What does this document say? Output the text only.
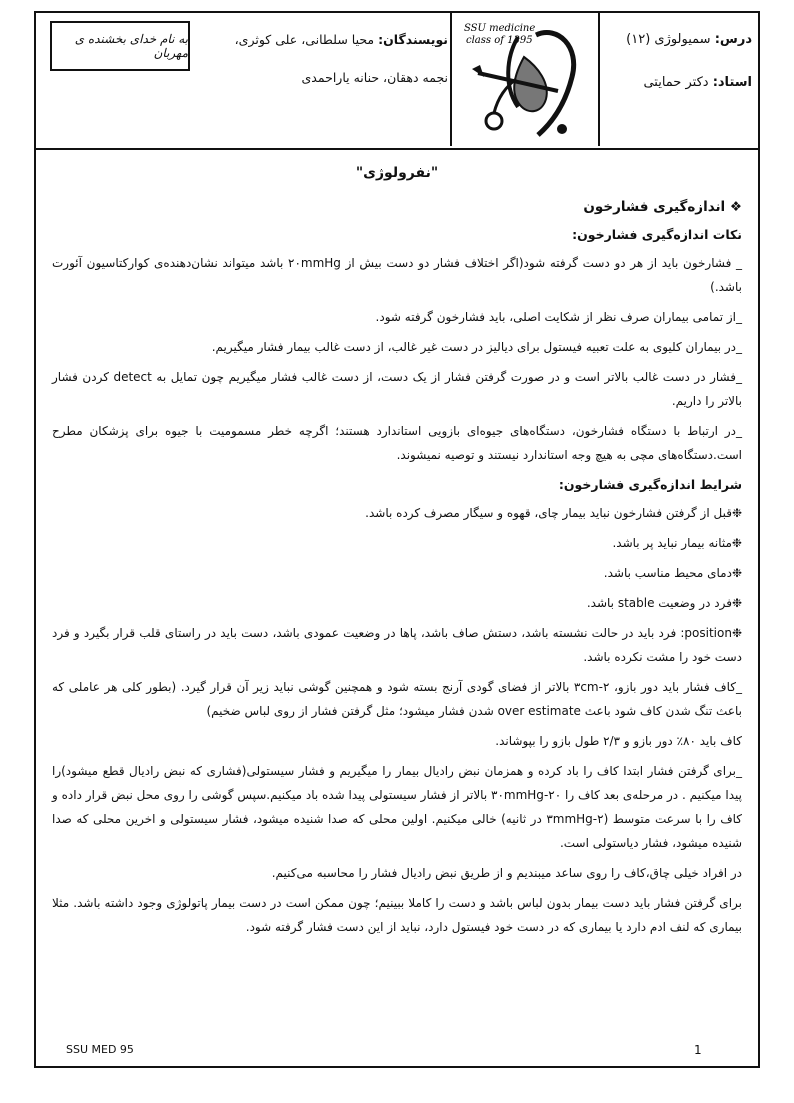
به نام خدای بخشنده ی مهربان
نویسندگان: محیا سلطانی، علی کوثری،
نجمه دهقان، حنانه یاراحمدی
SSU medicine
class of 1395	درس: سمیولوژی (۱۲)
استاد: دکتر حمایتی

"نفرولوژی"

❖ اندازه‌گیری فشارخون

نکات اندازه‌گیری فشارخون:

_ فشارخون باید از هر دو دست گرفته شود(اگر اختلاف فشار دو دست بیش از ۲۰mmHg باشد میتواند نشان‌دهنده‌ی کوارکتاسیون آئورت باشد.)

_از تمامی بیماران صرف نظر از شکایت اصلی، باید فشارخون گرفته شود.

_در بیماران کلیوی به علت تعبیه فیستول برای دیالیز در دست غیر غالب، از دست غالب بیمار فشار میگیریم.

_فشار در دست غالب بالاتر است و در صورت گرفتن فشار از یک دست، از دست غالب فشار میگیریم چون تمایل به detect کردن فشار بالاتر را داریم.

_در ارتباط با دستگاه فشارخون، دستگاه‌های جیوه‌ای بازویی استاندارد هستند؛ اگرچه خطر مسمومیت با جیوه برای پزشکان مطرح است.دستگاه‌های مچی به هیچ وجه استاندارد نیستند و توصیه نمیشوند.

شرایط اندازه‌گیری فشارخون:

❉قبل از گرفتن فشارخون نباید بیمار چای، قهوه و سیگار مصرف کرده باشد.

❉مثانه بیمار نباید پر باشد.

❉دمای محیط مناسب باشد.

❉فرد در وضعیت stable باشد.

❉position: فرد باید در حالت نشسته باشد، دستش صاف باشد، پاها در وضعیت عمودی باشد، دست باید در راستای قلب قرار بگیرد و فرد دست خود را مشت نکرده باشد.

_کاف فشار باید دور بازو، ۲-۳cm بالاتر از فضای گودی آرنج بسته شود و همچنین گوشی نباید زیر آن قرار گیرد. (بطور کلی هر عاملی که باعث تنگ شدن کاف شود باعث over estimate شدن فشار میشود؛ مثل گرفتن فشار از روی لباس ضخیم)

کاف باید ۸۰٪ دور بازو و ۲/۳ طول بازو را بپوشاند.

_برای گرفتن فشار ابتدا کاف را باد کرده و همزمان نبض رادیال بیمار را میگیریم و فشار سیستولی(فشاری که نبض رادیال قطع میشود)را پیدا میکنیم . در مرحله‌ی بعد کاف را ۲۰-۳۰mmHg بالاتر از فشار سیستولی پیدا شده باد میکنیم.سپس گوشی را روی محل نبض قرار داده و کاف را با سرعت متوسط (۲-۳mmHg در ثانیه) خالی میکنیم. اولین محلی که صدا شنیده میشود، فشار سیستولی و اخرین محلی که صدا شنیده میشود، فشار دیاستولی است.

در افراد خیلی چاق،کاف را روی ساعد میبندیم و از طریق نبض رادیال فشار را محاسبه می‌کنیم.

برای گرفتن فشار باید دست بیمار بدون لباس باشد و دست را کاملا ببینیم؛ چون ممکن است در دست بیمار پاتولوژی وجود داشته باشد. مثلا بیماری که لنف ادم دارد یا بیماری که در دست خود فیستول دارد، نباید از این دست فشار گرفته شود.

SSU MED 95	1
